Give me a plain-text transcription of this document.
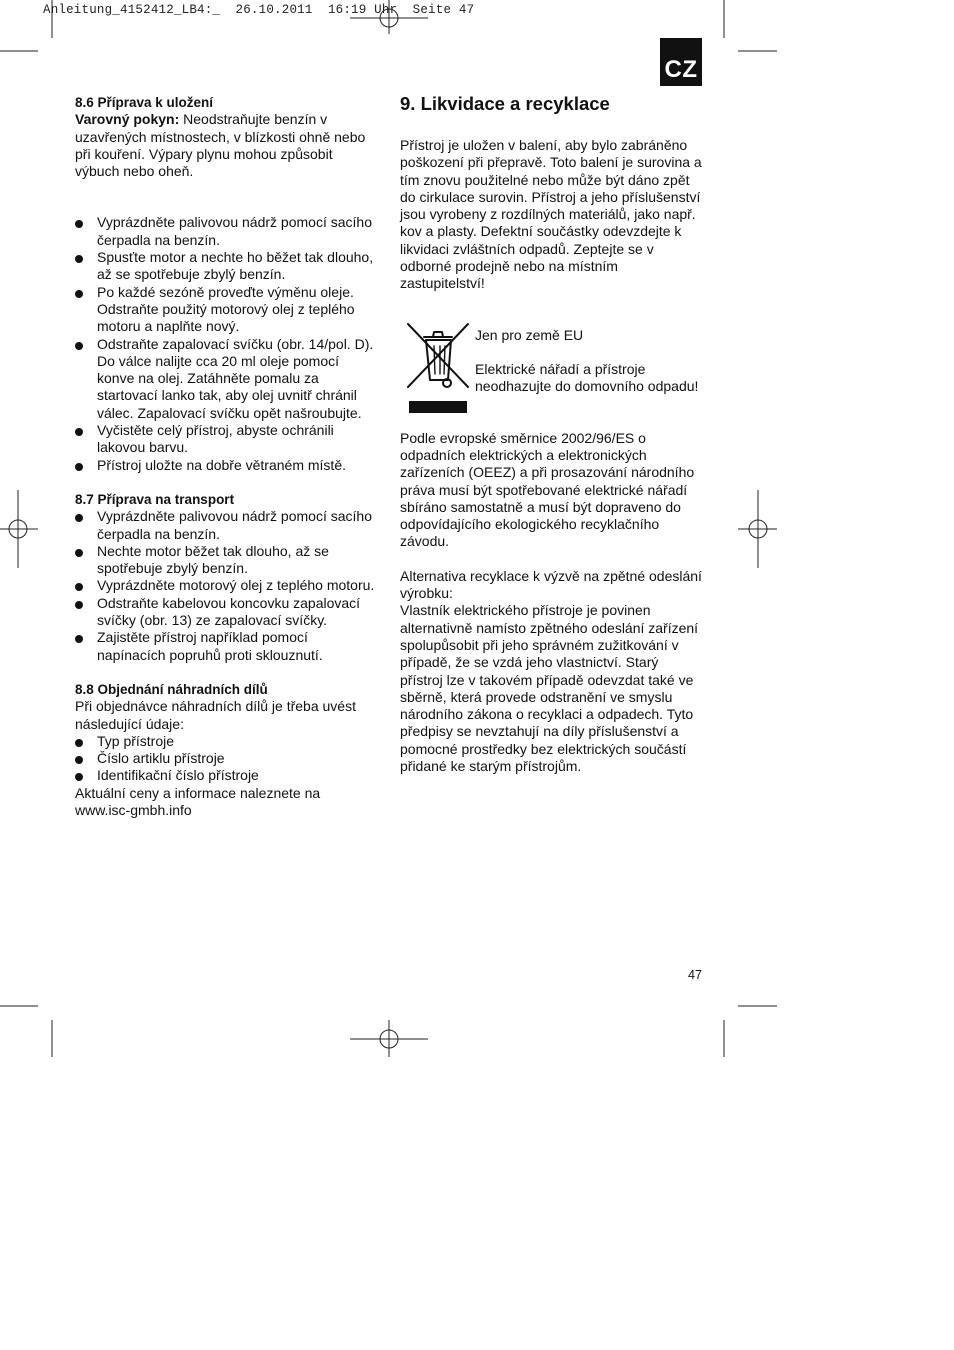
Anleitung_4152412_LB4:_  26.10.2011  16:19 Uhr  Seite 47
CZ
8.6 Příprava k uložení

Varovný pokyn: Neodstraňujte benzín v uzavřených místnostech, v blízkosti ohně nebo při kouření. Výpary plynu mohou způsobit výbuch nebo oheň.

Vyprázdněte palivovou nádrž pomocí sacího čerpadla na benzín.
Spusťte motor a nechte ho běžet tak dlouho, až se spotřebuje zbylý benzín.
Po každé sezóně proveďte výměnu oleje. Odstraňte použitý motorový olej z teplého motoru a naplňte nový.
Odstraňte zapalovací svíčku (obr. 14/pol. D). Do válce nalijte cca 20 ml oleje pomocí konve na olej. Zatáhněte pomalu za startovací lanko tak, aby olej uvnitř chránil válec. Zapalovací svíčku opět našroubujte.
Vyčistěte celý přístroj, abyste ochránili lakovou barvu.
Přístroj uložte na dobře větraném místě.
8.7 Příprava na transport
Vyprázdněte palivovou nádrž pomocí sacího čerpadla na benzín.
Nechte motor běžet tak dlouho, až se spotřebuje zbylý benzín.
Vyprázdněte motorový olej z teplého motoru.
Odstraňte kabelovou koncovku zapalovací svíčky (obr. 13) ze zapalovací svíčky.
Zajistěte přístroj například pomocí napínacích popruhů proti sklouznutí.
8.8 Objednání náhradních dílů

Při objednávce náhradních dílů je třeba uvést následující údaje:

Typ přístroje
Číslo artiklu přístroje
Identifikační číslo přístroje

Aktuální ceny a informace naleznete na www.isc-gmbh.info

9. Likvidace a recyklace

Přístroj je uložen v balení, aby bylo zabráněno poškození při přepravě. Toto balení je surovina a tím znovu použitelné nebo může být dáno zpět do cirkulace surovin. Přístroj a jeho příslušenství jsou vyrobeny z rozdílných materiálů, jako např. kov a plasty. Defektní součástky odevzdejte k likvidaci zvláštních odpadů. Zeptejte se v odborné prodejně nebo na místním zastupitelství!

Jen pro země EU

Elektrické nářadí a přístroje neodhazujte do domovního odpadu!

Podle evropské směrnice 2002/96/ES o odpadních elektrických a elektronických zařízeních (OEEZ) a při prosazování národního práva musí být spotřebované elektrické nářadí sbíráno samostatně a musí být dopraveno do odpovídajícího ekologického recyklačního závodu.

Alternativa recyklace k výzvě na zpětné odeslání výrobku:

Vlastník elektrického přístroje je povinen alternativně namísto zpětného odeslání zařízení spolupůsobit při jeho správném zužitkování v případě, že se vzdá jeho vlastnictví. Starý přístroj lze v takovém případě odevzdat také ve sběrně, která provede odstranění ve smyslu národního zákona o recyklaci a odpadech. Tyto předpisy se nevztahují na díly příslušenství a pomocné prostředky bez elektrických součástí přidané ke starým přístrojům.

47
